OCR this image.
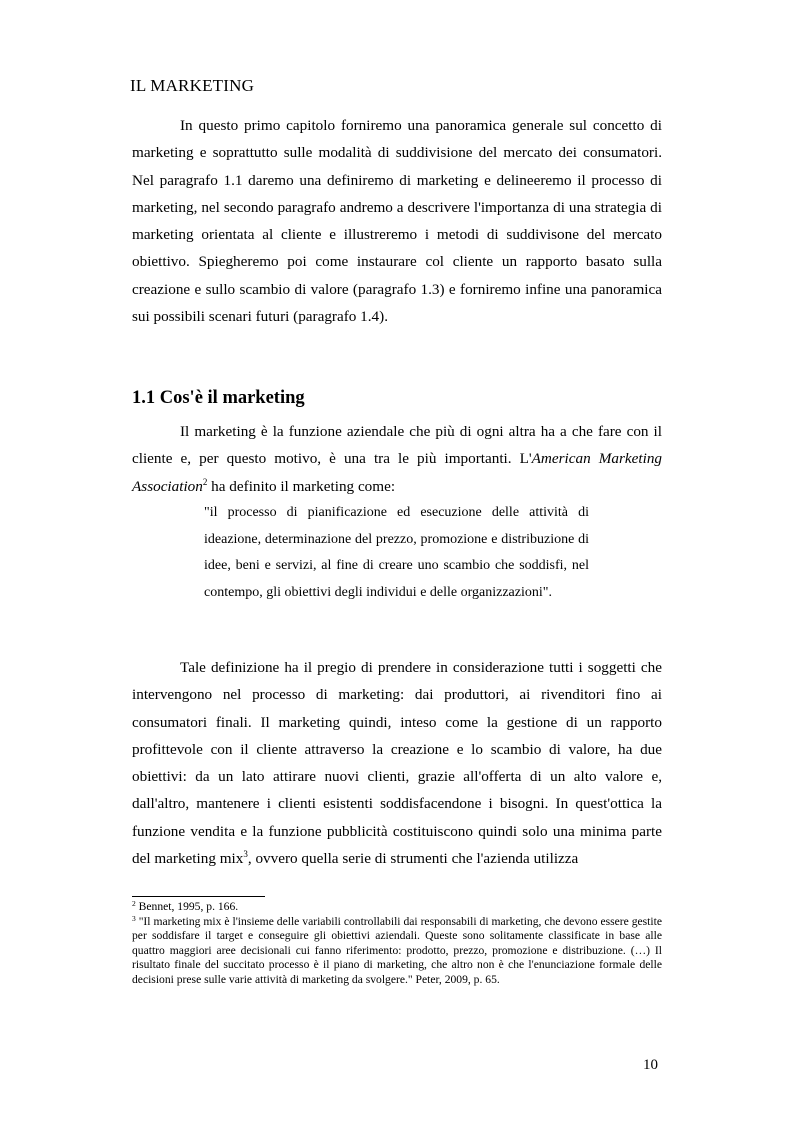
IL MARKETING

In questo primo capitolo forniremo una panoramica generale sul concetto di marketing e soprattutto sulle modalità di suddivisione del mercato dei consumatori. Nel paragrafo 1.1 daremo una definiremo di marketing e delineeremo il processo di marketing, nel secondo paragrafo andremo a descrivere l'importanza di una strategia di marketing orientata al cliente e illustreremo i metodi di suddivisone del mercato obiettivo. Spiegheremo poi come instaurare col cliente un rapporto basato sulla creazione e sullo scambio di valore (paragrafo 1.3) e forniremo infine una panoramica sui possibili scenari futuri (paragrafo 1.4).

1.1 Cos'è il marketing

Il marketing è la funzione aziendale che più di ogni altra ha a che fare con il cliente e, per questo motivo, è una tra le più importanti. L'American Marketing Association$^2$ ha definito il marketing come:

"il processo di pianificazione ed esecuzione delle attività di ideazione, determinazione del prezzo, promozione e distribuzione di idee, beni e servizi, al fine di creare uno scambio che soddisfi, nel contempo, gli obiettivi degli individui e delle organizzazioni".

Tale definizione ha il pregio di prendere in considerazione tutti i soggetti che intervengono nel processo di marketing: dai produttori, ai rivenditori fino ai consumatori finali. Il marketing quindi, inteso come la gestione di un rapporto profittevole con il cliente attraverso la creazione e lo scambio di valore, ha due obiettivi: da un lato attirare nuovi clienti, grazie all'offerta di un alto valore e, dall'altro, mantenere i clienti esistenti soddisfacendone i bisogni. In quest'ottica la funzione vendita e la funzione pubblicità costituiscono quindi solo una minima parte del marketing mix$^3$, ovvero quella serie di strumenti che l'azienda utilizza

$^2$ Bennet, 1995, p. 166.

$^3$ "Il marketing mix è l'insieme delle variabili controllabili dai responsabili di marketing, che devono essere gestite per soddisfare il target e conseguire gli obiettivi aziendali. Queste sono solitamente classificate in base alle quattro maggiori aree decisionali cui fanno riferimento: prodotto, prezzo, promozione e distribuzione. (…) Il risultato finale del succitato processo è il piano di marketing, che altro non è che l'enunciazione formale delle decisioni prese sulle varie attività di marketing da svolgere." Peter, 2009, p. 65.

10
